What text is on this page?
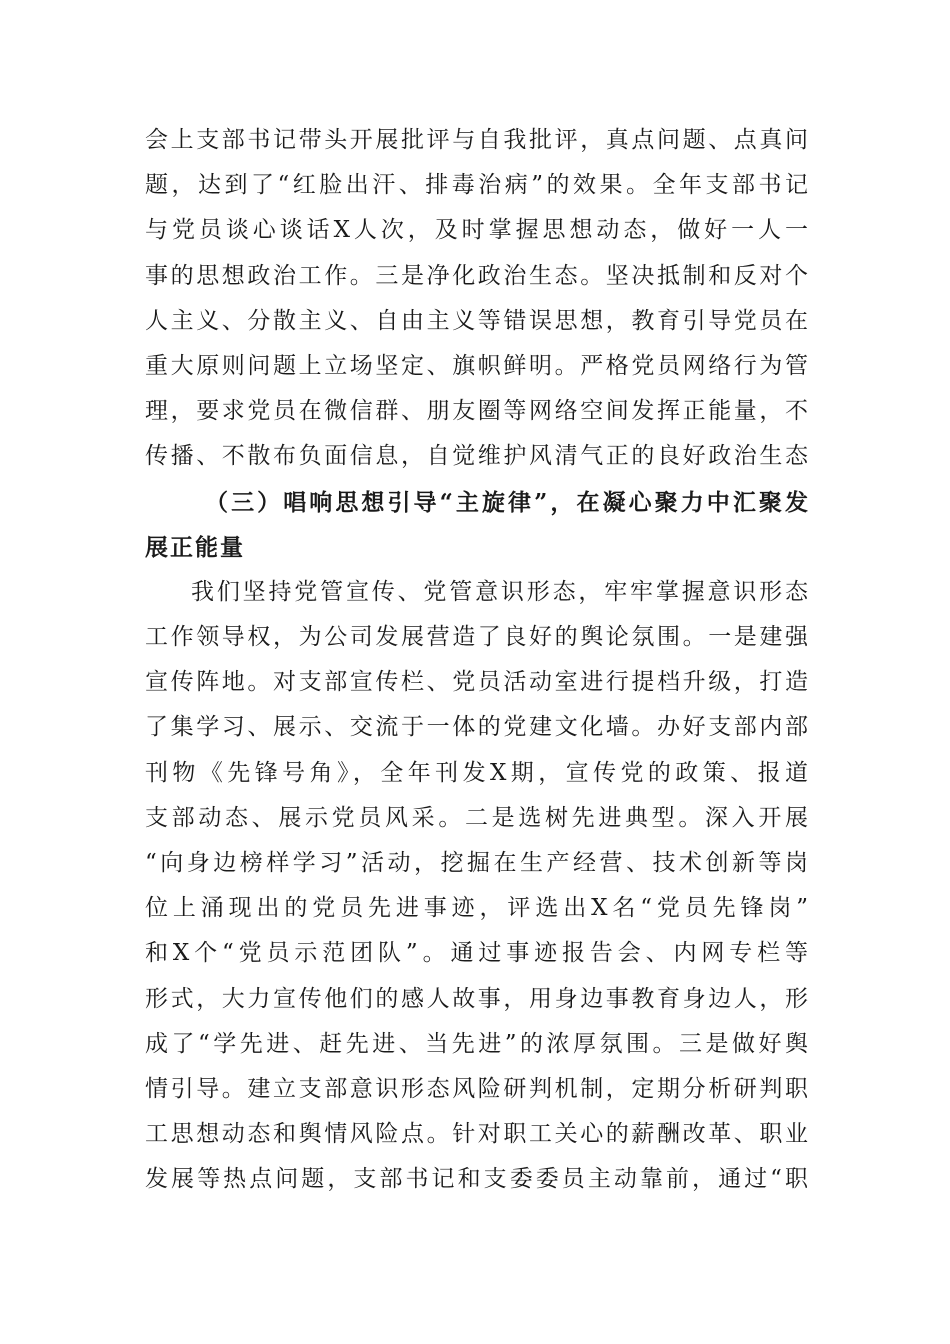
会上支部书记带头开展批评与自我批评，真点问题、点真问
题，达到了“红脸出汗、排毒治病”的效果。全年支部书记
与党员谈心谈话X人次，及时掌握思想动态，做好一人一
事的思想政治工作。三是净化政治生态。坚决抵制和反对个
人主义、分散主义、自由主义等错误思想，教育引导党员在
重大原则问题上立场坚定、旗帜鲜明。严格党员网络行为管
理，要求党员在微信群、朋友圈等网络空间发挥正能量，不
传播、不散布负面信息，自觉维护风清气正的良好政治生态
（三）唱响思想引导“主旋律”，在凝心聚力中汇聚发
展正能量
我们坚持党管宣传、党管意识形态，牢牢掌握意识形态
工作领导权，为公司发展营造了良好的舆论氛围。一是建强
宣传阵地。对支部宣传栏、党员活动室进行提档升级，打造
了集学习、展示、交流于一体的党建文化墙。办好支部内部
刊物《先锋号角》，全年刊发X期，宣传党的政策、报道
支部动态、展示党员风采。二是选树先进典型。深入开展
“向身边榜样学习”活动，挖掘在生产经营、技术创新等岗
位上涌现出的党员先进事迹，评选出X名“党员先锋岗”
和X个“党员示范团队”。通过事迹报告会、内网专栏等
形式，大力宣传他们的感人故事，用身边事教育身边人，形
成了“学先进、赶先进、当先进”的浓厚氛围。三是做好舆
情引导。建立支部意识形态风险研判机制，定期分析研判职
工思想动态和舆情风险点。针对职工关心的薪酬改革、职业
发展等热点问题，支部书记和支委委员主动靠前，通过“职
